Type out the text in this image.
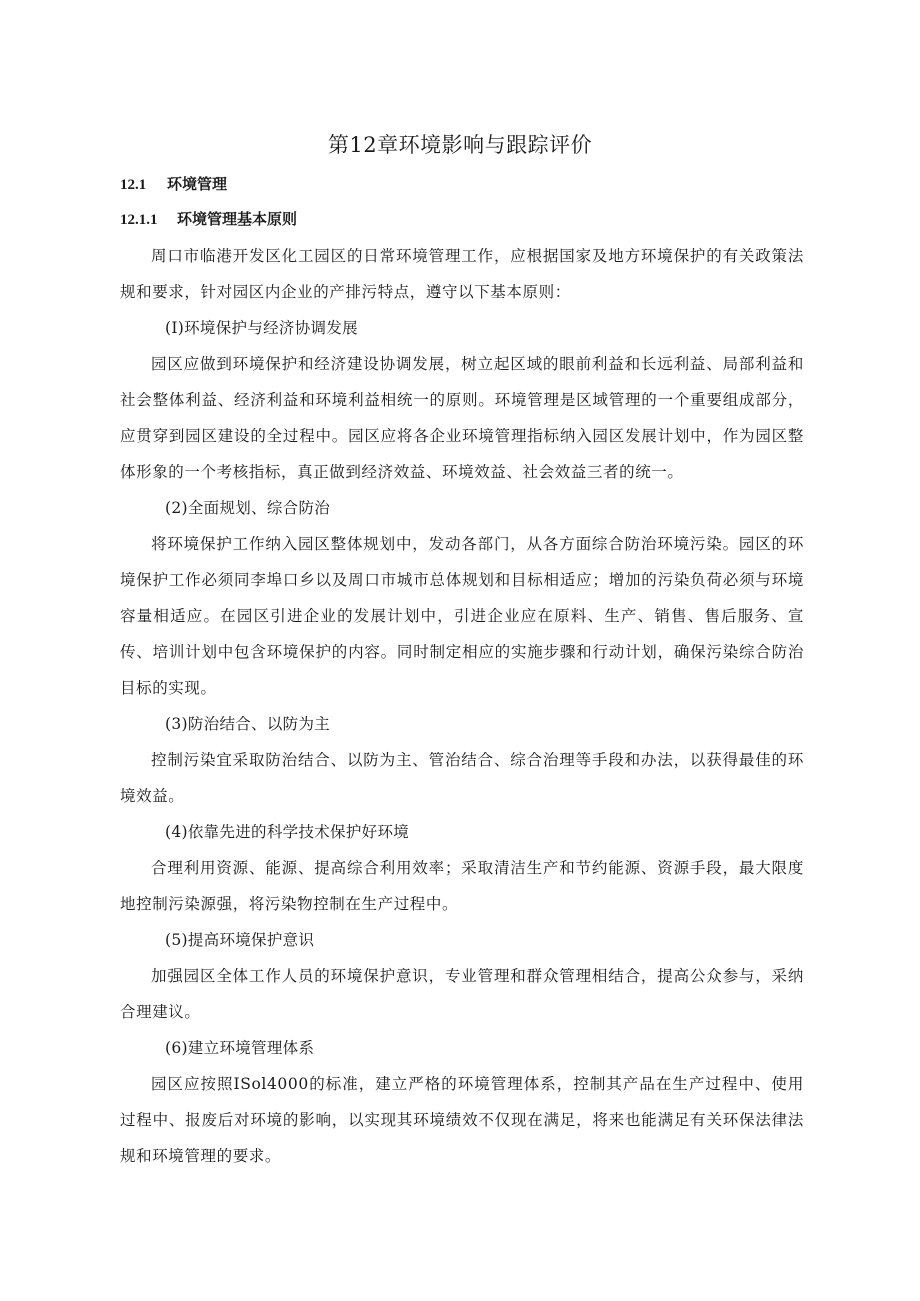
第12章环境影响与跟踪评价
12.1 环境管理
12.1.1 环境管理基本原则

周口市临港开发区化工园区的日常环境管理工作，应根据国家及地方环境保护的有关政策法规和要求，针对园区内企业的产排污特点，遵守以下基本原则：

(I)环境保护与经济协调发展

园区应做到环境保护和经济建设协调发展，树立起区域的眼前利益和长远利益、局部利益和社会整体利益、经济利益和环境利益相统一的原则。环境管理是区域管理的一个重要组成部分，应贯穿到园区建设的全过程中。园区应将各企业环境管理指标纳入园区发展计划中，作为园区整体形象的一个考核指标，真正做到经济效益、环境效益、社会效益三者的统一。

(2)全面规划、综合防治

将环境保护工作纳入园区整体规划中，发动各部门，从各方面综合防治环境污染。园区的环境保护工作必须同李埠口乡以及周口市城市总体规划和目标相适应；增加的污染负荷必须与环境容量相适应。在园区引进企业的发展计划中，引进企业应在原料、生产、销售、售后服务、宣传、培训计划中包含环境保护的内容。同时制定相应的实施步骤和行动计划，确保污染综合防治目标的实现。

(3)防治结合、以防为主

控制污染宜采取防治结合、以防为主、管治结合、综合治理等手段和办法，以获得最佳的环境效益。

(4)依靠先进的科学技术保护好环境

合理利用资源、能源、提高综合利用效率；采取清洁生产和节约能源、资源手段，最大限度地控制污染源强，将污染物控制在生产过程中。

(5)提高环境保护意识

加强园区全体工作人员的环境保护意识，专业管理和群众管理相结合，提高公众参与，采纳合理建议。

(6)建立环境管理体系

园区应按照ISol4000的标准，建立严格的环境管理体系，控制其产品在生产过程中、使用过程中、报废后对环境的影响，以实现其环境绩效不仅现在满足，将来也能满足有关环保法律法规和环境管理的要求。
